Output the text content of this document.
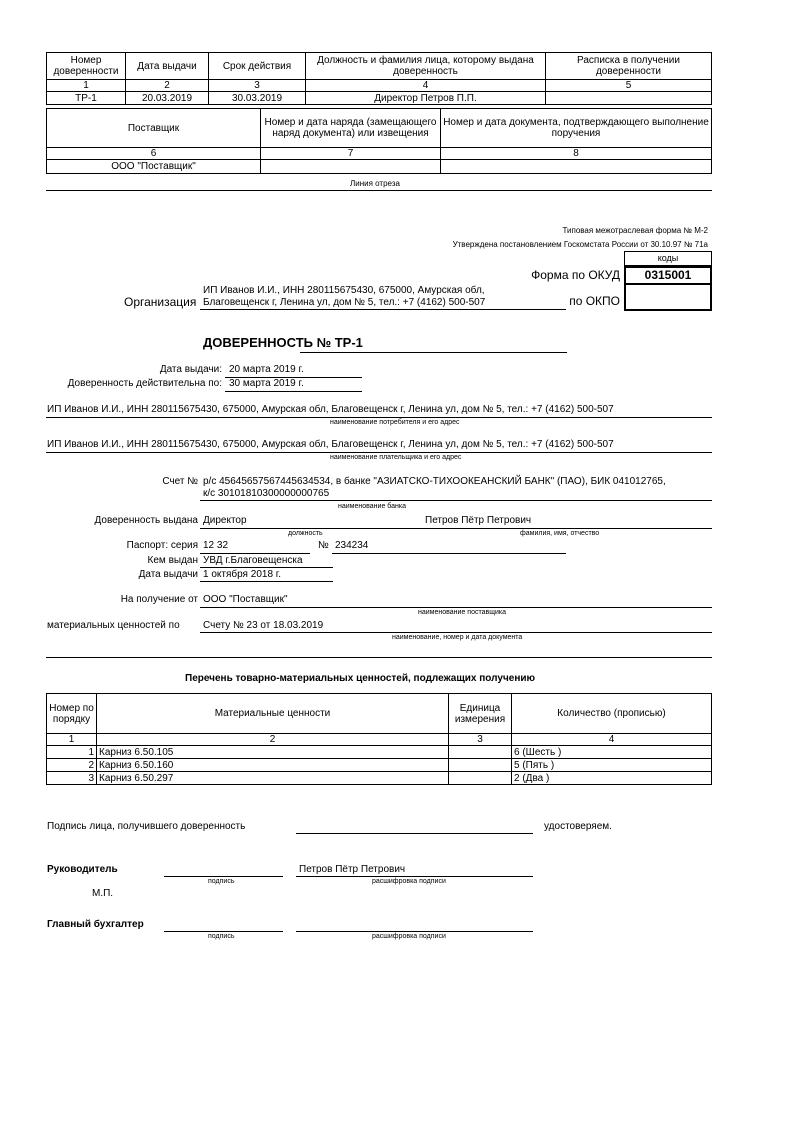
Номер доверенности	Дата выдачи	Срок действия	Должность и фамилия лица, которому выдана доверенность	Расписка в получении доверенности
1	2	3	4	5
ТР-1	20.03.2019	30.03.2019	Директор Петров П.П.	
Поставщик	Номер и дата наряда (замещающего наряд документа) или извещения	Номер и дата документа, подтверждающего выполнение поручения
6	7	8
ООО "Поставщик"		
Линия отреза
Типовая межотраслевая форма № М-2
Утверждена постановлением Госкомстата России от 30.10.97 № 71а
коды
0315001
Форма по ОКУД
по ОКПО
Организация
ИП Иванов И.И., ИНН 280115675430, 675000, Амурская обл,
Благовещенск г, Ленина ул, дом № 5, тел.: +7 (4162) 500-507
ДОВЕРЕННОСТЬ № ТР-1
Дата выдачи: 20 марта 2019 г.
Доверенность действительна по: 30 марта 2019 г.
ИП Иванов И.И., ИНН 280115675430, 675000, Амурская обл, Благовещенск г, Ленина ул, дом № 5, тел.: +7 (4162) 500-507
наименование потребителя и его адрес
ИП Иванов И.И., ИНН 280115675430, 675000, Амурская обл, Благовещенск г, Ленина ул, дом № 5, тел.: +7 (4162) 500-507
наименование плательщика и его адрес
Счет № р/с 45645657567445634534, в банке "АЗИАТСКО-ТИХООКЕАНСКИЙ БАНК" (ПАО), БИК 041012765,
к/с 30101810300000000765
наименование банка
Доверенность выдана Директор	Петров Пётр Петрович
должность	фамилия, имя, отчество
Паспорт: серия 12 32	№ 234234
Кем выдан УВД г.Благовещенска
Дата выдачи 1 октября 2018 г.
На получение от ООО "Поставщик"
наименование поставщика
материальных ценностей по Счету № 23 от 18.03.2019
наименование, номер и дата документа
Перечень товарно-материальных ценностей, подлежащих получению
Номер по порядку	Материальные ценности	Единица измерения	Количество (прописью)
1	2	3	4
1	Карниз 6.50.105		6 (Шесть )
2	Карниз 6.50.160		5 (Пять )
3	Карниз 6.50.297		2 (Два )
Подпись лица, получившего доверенность	удостоверяем.
Руководитель
подпись
Петров Пётр Петрович
расшифровка подписи
М.П.
Главный бухгалтер
подпись	расшифровка подписи
